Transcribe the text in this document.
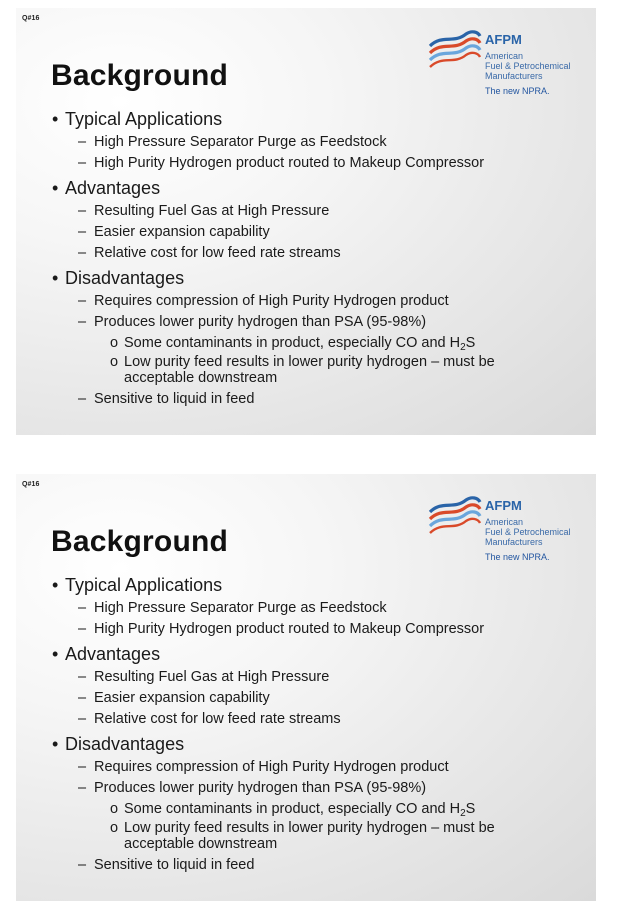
Q#16
AFPM
American
Fuel & Petrochemical
Manufacturers
The new NPRA.
Background
• Typical Applications
– High Pressure Separator Purge as Feedstock
– High Purity Hydrogen product routed to Makeup Compressor
• Advantages
– Resulting Fuel Gas at High Pressure
– Easier expansion capability
– Relative cost for low feed rate streams
• Disadvantages
– Requires compression of High Purity Hydrogen product
– Produces lower purity hydrogen than PSA (95-98%)
o Some contaminants in product, especially CO and $H_2S$
o Low purity feed results in lower purity hydrogen – must be
acceptable downstream
– Sensitive to liquid in feed
Q#16
AFPM
American
Fuel & Petrochemical
Manufacturers
The new NPRA.
Background
• Typical Applications
– High Pressure Separator Purge as Feedstock
– High Purity Hydrogen product routed to Makeup Compressor
• Advantages
– Resulting Fuel Gas at High Pressure
– Easier expansion capability
– Relative cost for low feed rate streams
• Disadvantages
– Requires compression of High Purity Hydrogen product
– Produces lower purity hydrogen than PSA (95-98%)
o Some contaminants in product, especially CO and $H_2S$
o Low purity feed results in lower purity hydrogen – must be
acceptable downstream
– Sensitive to liquid in feed
